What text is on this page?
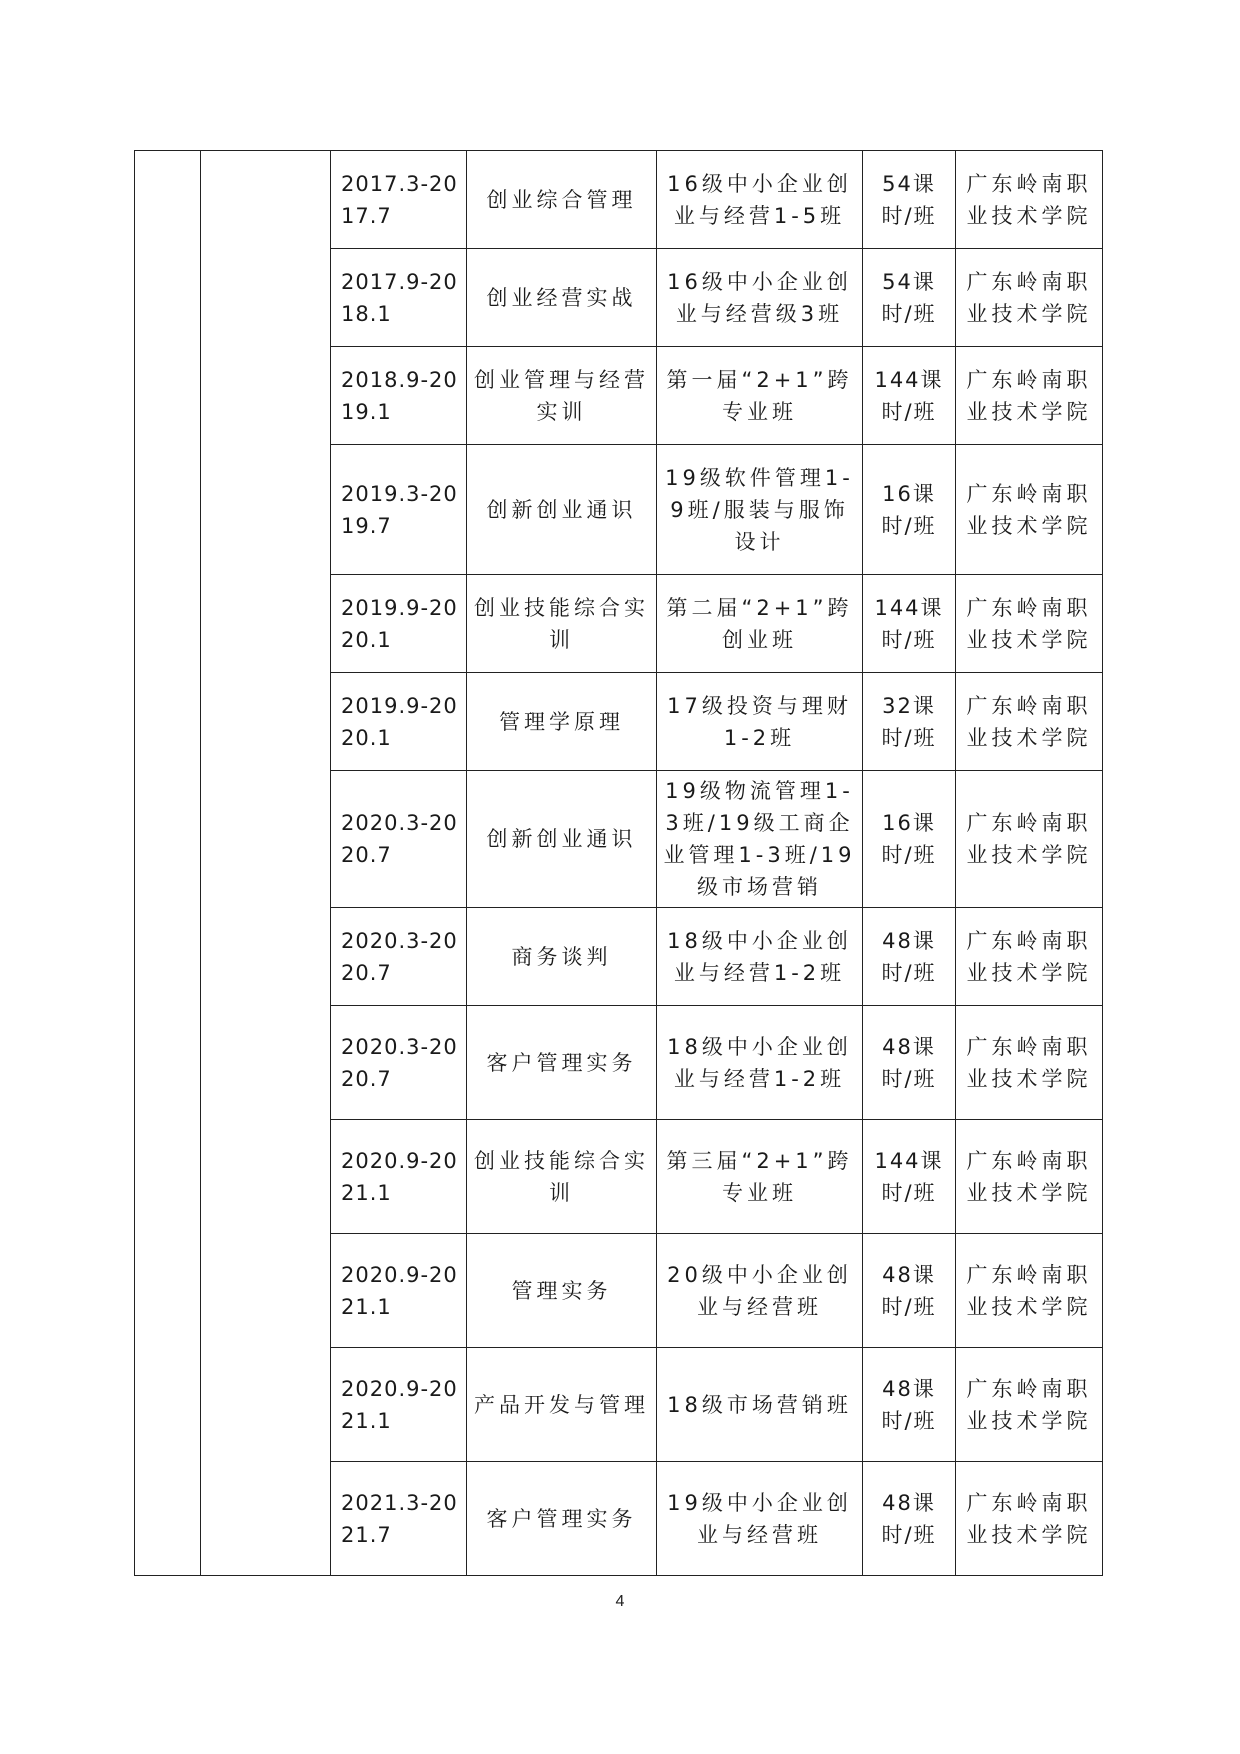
		2017.3-2017.7	创业综合管理	16级中小企业创业与经营1-5班	54课时/班	广东岭南职业技术学院
		2017.9-2018.1	创业经营实战	16级中小企业创业与经营级3班	54课时/班	广东岭南职业技术学院
		2018.9-2019.1	创业管理与经营实训	第一届“2+1”跨专业班	144课时/班	广东岭南职业技术学院
		2019.3-2019.7	创新创业通识	19级软件管理1-9班/服装与服饰设计	16课时/班	广东岭南职业技术学院
		2019.9-2020.1	创业技能综合实训	第二届“2+1”跨创业班	144课时/班	广东岭南职业技术学院
		2019.9-2020.1	管理学原理	17级投资与理财1-2班	32课时/班	广东岭南职业技术学院
		2020.3-2020.7	创新创业通识	19级物流管理1-3班/19级工商企业管理1-3班/19级市场营销	16课时/班	广东岭南职业技术学院
		2020.3-2020.7	商务谈判	18级中小企业创业与经营1-2班	48课时/班	广东岭南职业技术学院
		2020.3-2020.7	客户管理实务	18级中小企业创业与经营1-2班	48课时/班	广东岭南职业技术学院
		2020.9-2021.1	创业技能综合实训	第三届“2+1”跨专业班	144课时/班	广东岭南职业技术学院
		2020.9-2021.1	管理实务	20级中小企业创业与经营班	48课时/班	广东岭南职业技术学院
		2020.9-2021.1	产品开发与管理	18级市场营销班	48课时/班	广东岭南职业技术学院
		2021.3-2021.7	客户管理实务	19级中小企业创业与经营班	48课时/班	广东岭南职业技术学院
4
